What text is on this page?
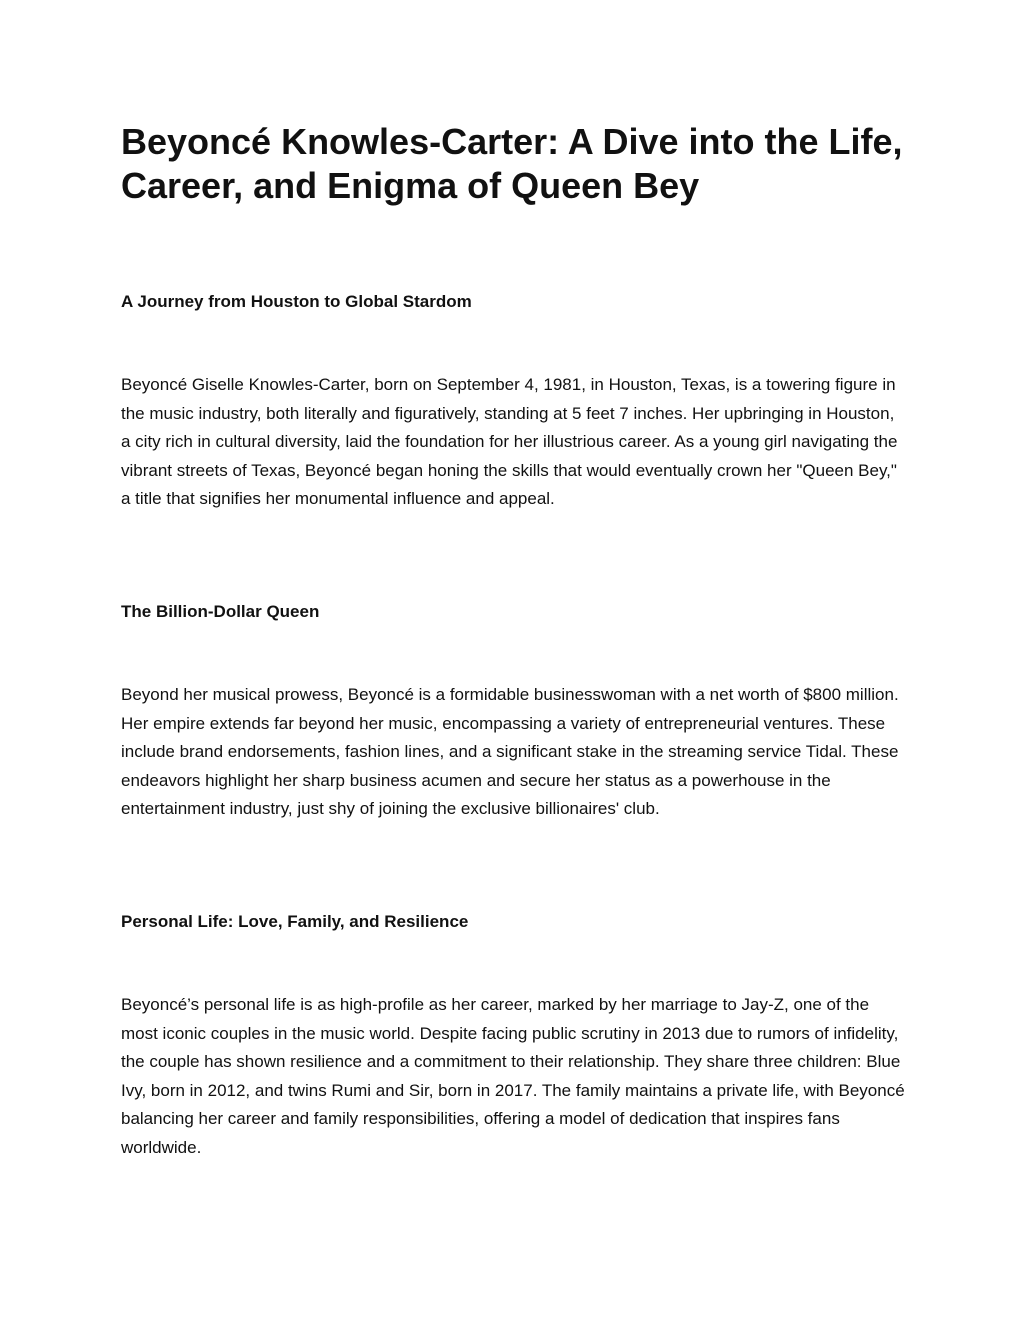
Beyoncé Knowles-Carter: A Dive into the Life, Career, and Enigma of Queen Bey
A Journey from Houston to Global Stardom

Beyoncé Giselle Knowles-Carter, born on September 4, 1981, in Houston, Texas, is a towering figure in the music industry, both literally and figuratively, standing at 5 feet 7 inches. Her upbringing in Houston, a city rich in cultural diversity, laid the foundation for her illustrious career. As a young girl navigating the vibrant streets of Texas, Beyoncé began honing the skills that would eventually crown her "Queen Bey," a title that signifies her monumental influence and appeal.

The Billion-Dollar Queen

Beyond her musical prowess, Beyoncé is a formidable businesswoman with a net worth of $800 million. Her empire extends far beyond her music, encompassing a variety of entrepreneurial ventures. These include brand endorsements, fashion lines, and a significant stake in the streaming service Tidal. These endeavors highlight her sharp business acumen and secure her status as a powerhouse in the entertainment industry, just shy of joining the exclusive billionaires' club.

Personal Life: Love, Family, and Resilience

Beyoncé’s personal life is as high-profile as her career, marked by her marriage to Jay-Z, one of the most iconic couples in the music world. Despite facing public scrutiny in 2013 due to rumors of infidelity, the couple has shown resilience and a commitment to their relationship. They share three children: Blue Ivy, born in 2012, and twins Rumi and Sir, born in 2017. The family maintains a private life, with Beyoncé balancing her career and family responsibilities, offering a model of dedication that inspires fans worldwide.
